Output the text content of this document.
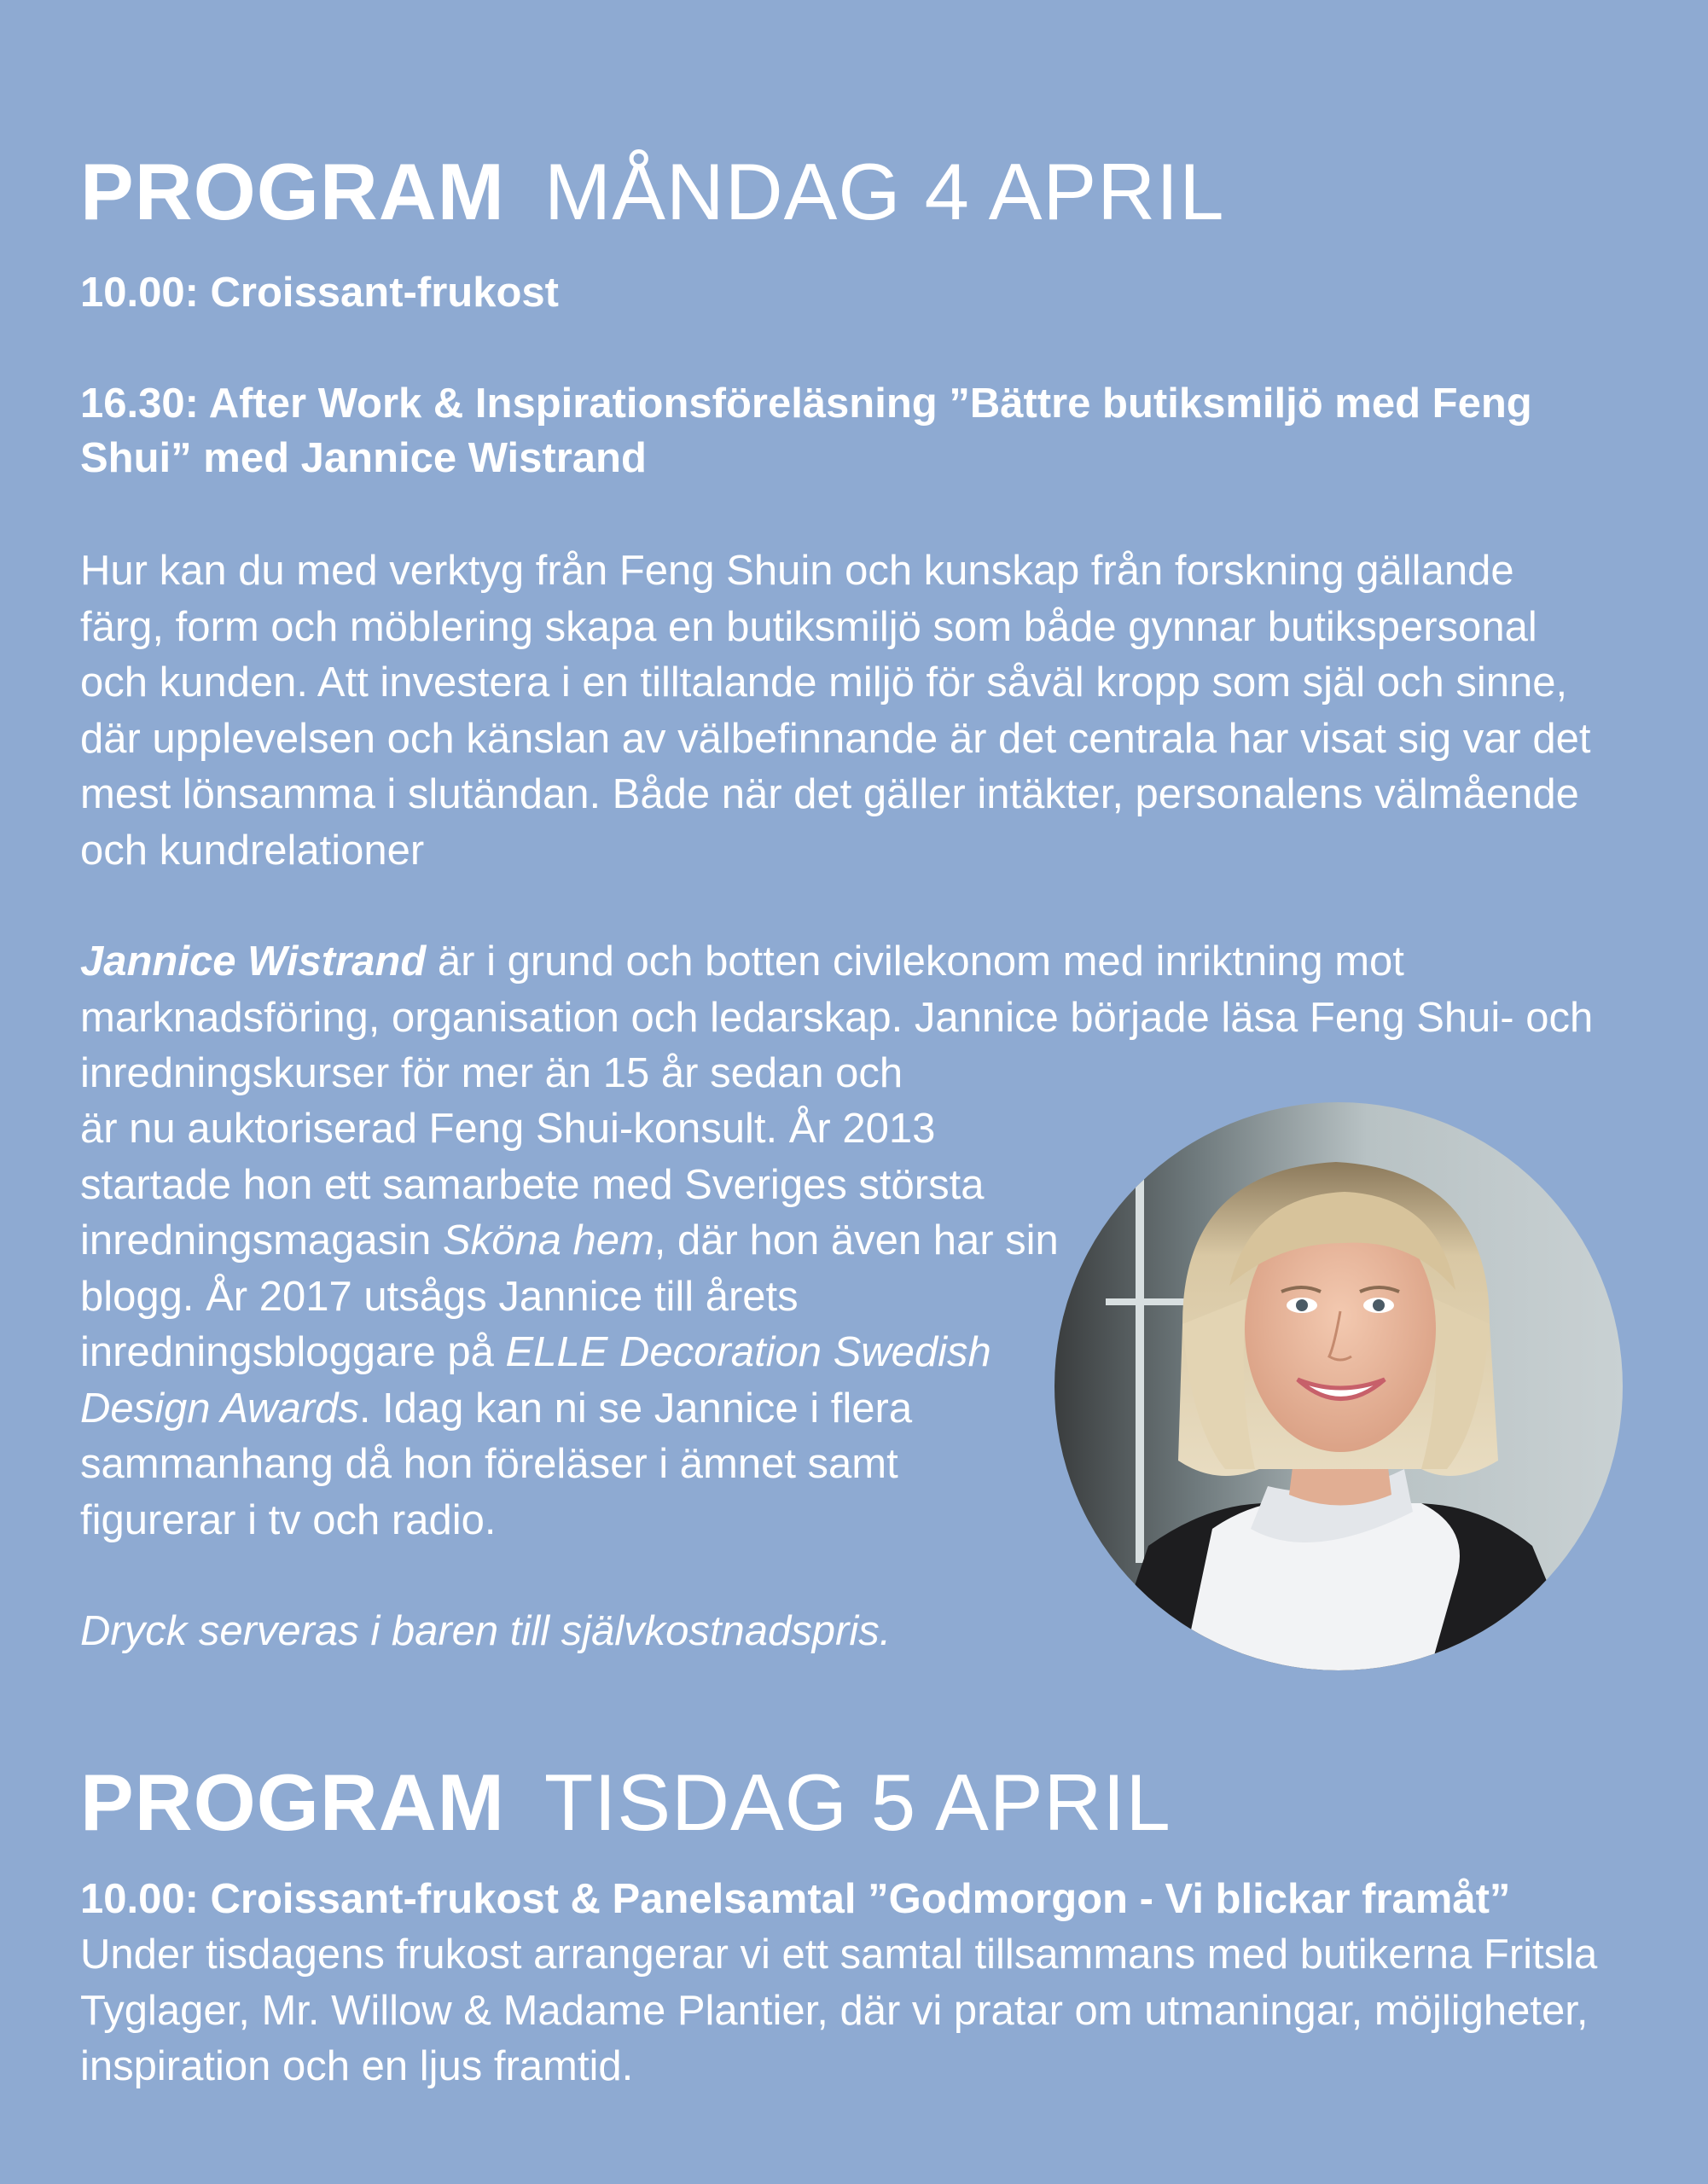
PROGRAM MÅNDAG 4 APRIL

10.00: Croissant-frukost

16.30: After Work & Inspirationsföreläsning ”Bättre butiksmiljö med Feng Shui” med Jannice Wistrand

Hur kan du med verktyg från Feng Shuin och kunskap från forskning gällande färg, form och möblering skapa en butiksmiljö som både gynnar butikspersonal och kunden. Att investera i en tilltalande miljö för såväl kropp som själ och sinne, där upplevelsen och känslan av välbefinnande är det centrala har visat sig var det mest lönsamma i slutändan. Både när det gäller intäkter, personalens välmående och kundrelationer

Jannice Wistrand är i grund och botten civilekonom med inriktning mot marknadsföring, organisation och ledarskap. Jannice började läsa Feng Shui- och inredningskurser för mer än 15 år sedan och

är nu auktoriserad Feng Shui-konsult. År 2013 startade hon ett samarbete med Sveriges största inredningsmagasin Sköna hem, där hon även har sin blogg. År 2017 utsågs Jannice till årets inredningsbloggare på ELLE Decoration Swedish Design Awards. Idag kan ni se Jannice i flera sammanhang då hon föreläser i ämnet samt figurerar i tv och radio.

Dryck serveras i baren till självkostnadspris.

PROGRAM TISDAG 5 APRIL

10.00: Croissant-frukost & Panelsamtal ”Godmorgon - Vi blickar framåt”

Under tisdagens frukost arrangerar vi ett samtal tillsammans med butikerna Fritsla Tyglager, Mr. Willow & Madame Plantier, där vi pratar om utmaningar, möjligheter, inspiration och en ljus framtid.
